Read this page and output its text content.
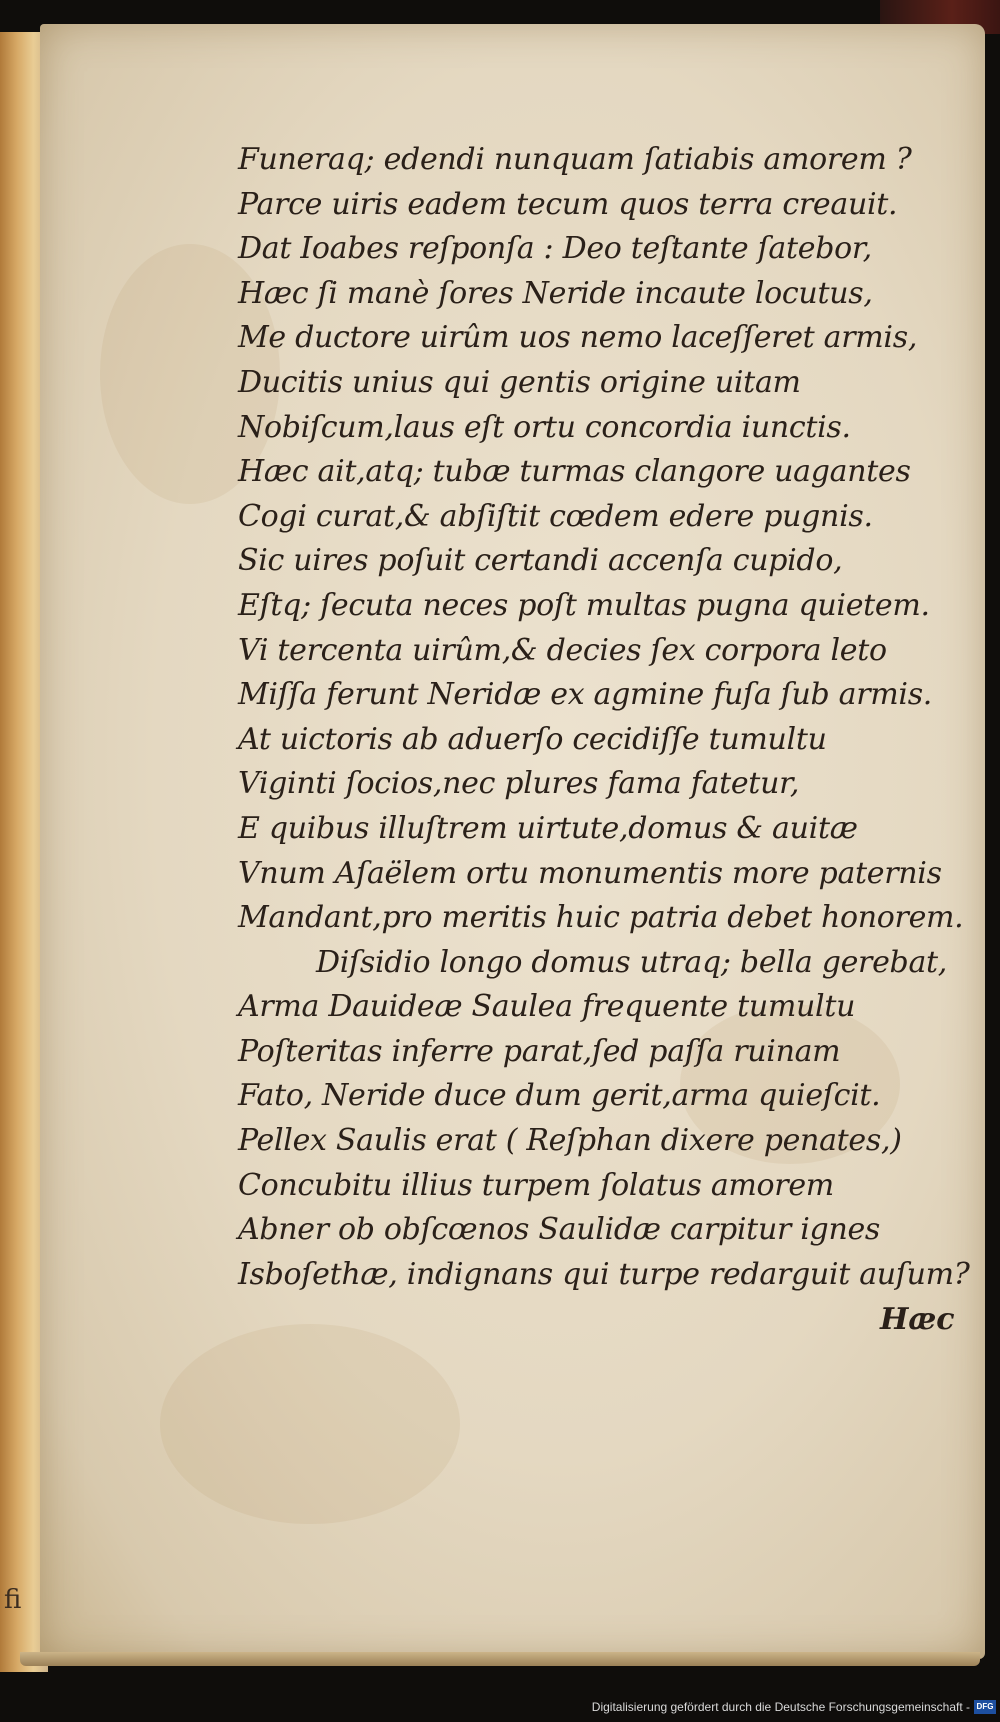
Funeraq; edendi nunquam ſatiabis amorem ?
Parce uiris eadem tecum quos terra creauit.
Dat Ioabes reſponſa : Deo teſtante ſatebor,
Hæc ſi manè ſores Neride incaute locutus,
Me ductore uirûm uos nemo laceſſeret armis,
Ducitis unius qui gentis origine uitam
Nobiſcum,laus eſt ortu concordia iunctis.
Hæc ait,atq; tubæ turmas clangore uagantes
Cogi curat,& abſiſtit cœdem edere pugnis.
Sic uires poſuit certandi accenſa cupido,
Eſtq; ſecuta neces poſt multas pugna quietem.
Vi tercenta uirûm,& decies ſex corpora leto
Miſſa ferunt Neridæ ex agmine fuſa ſub armis.
At uictoris ab aduerſo cecidiſſe tumultu
Viginti ſocios,nec plures fama fatetur,
E quibus illuſtrem uirtute,domus & auitæ
Vnum Aſaëlem ortu monumentis more paternis
Mandant,pro meritis huic patria debet honorem.
Diſsidio longo domus utraq; bella gerebat,
Arma Dauideæ Saulea frequente tumultu
Poſteritas inferre parat,ſed paſſa ruinam
Fato, Neride duce dum gerit,arma quieſcit.
Pellex Saulis erat ( Reſphan dixere penates,)
Concubitu illius turpem ſolatus amorem
Abner ob obſcœnos Saulidæ carpitur ignes
Isboſethæ, indignans qui turpe redarguit auſum?
Hæc
fi
Digitalisierung gefördert durch die Deutsche Forschungsgemeinschaft - DFG
